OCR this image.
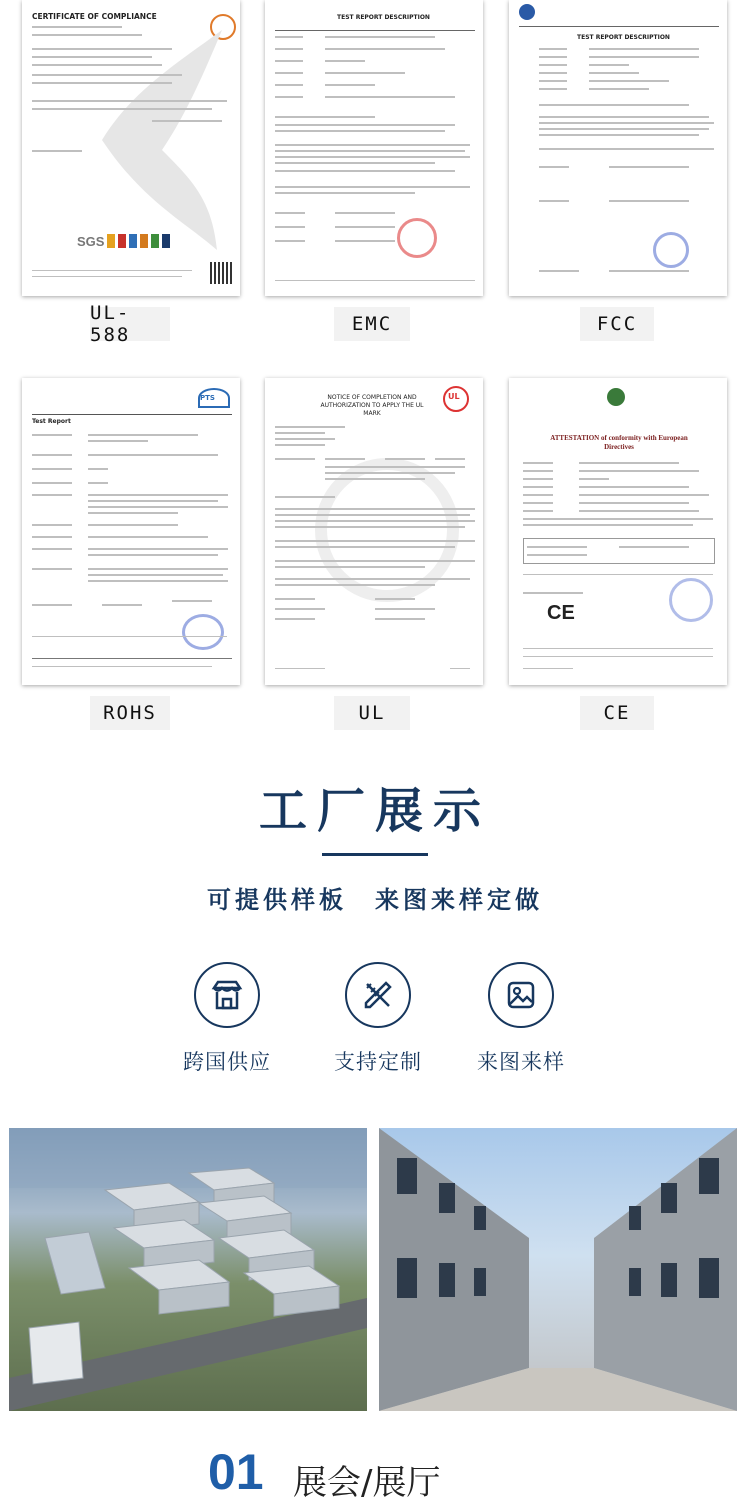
CERTIFICATE OF COMPLIANCE
SGS
TEST REPORT DESCRIPTION
TEST REPORT DESCRIPTION
UL-588	EMC	FCC
PTS
Test Report
UL
NOTICE OF COMPLETION AND AUTHORIZATION TO APPLY THE UL MARK
ATTESTATION of conformity with European Directives
CE
ROHS	UL	CE
工厂展示
可提供样板　来图来样定做
跨国供应	支持定制	来图来样
01 展会/展厅
